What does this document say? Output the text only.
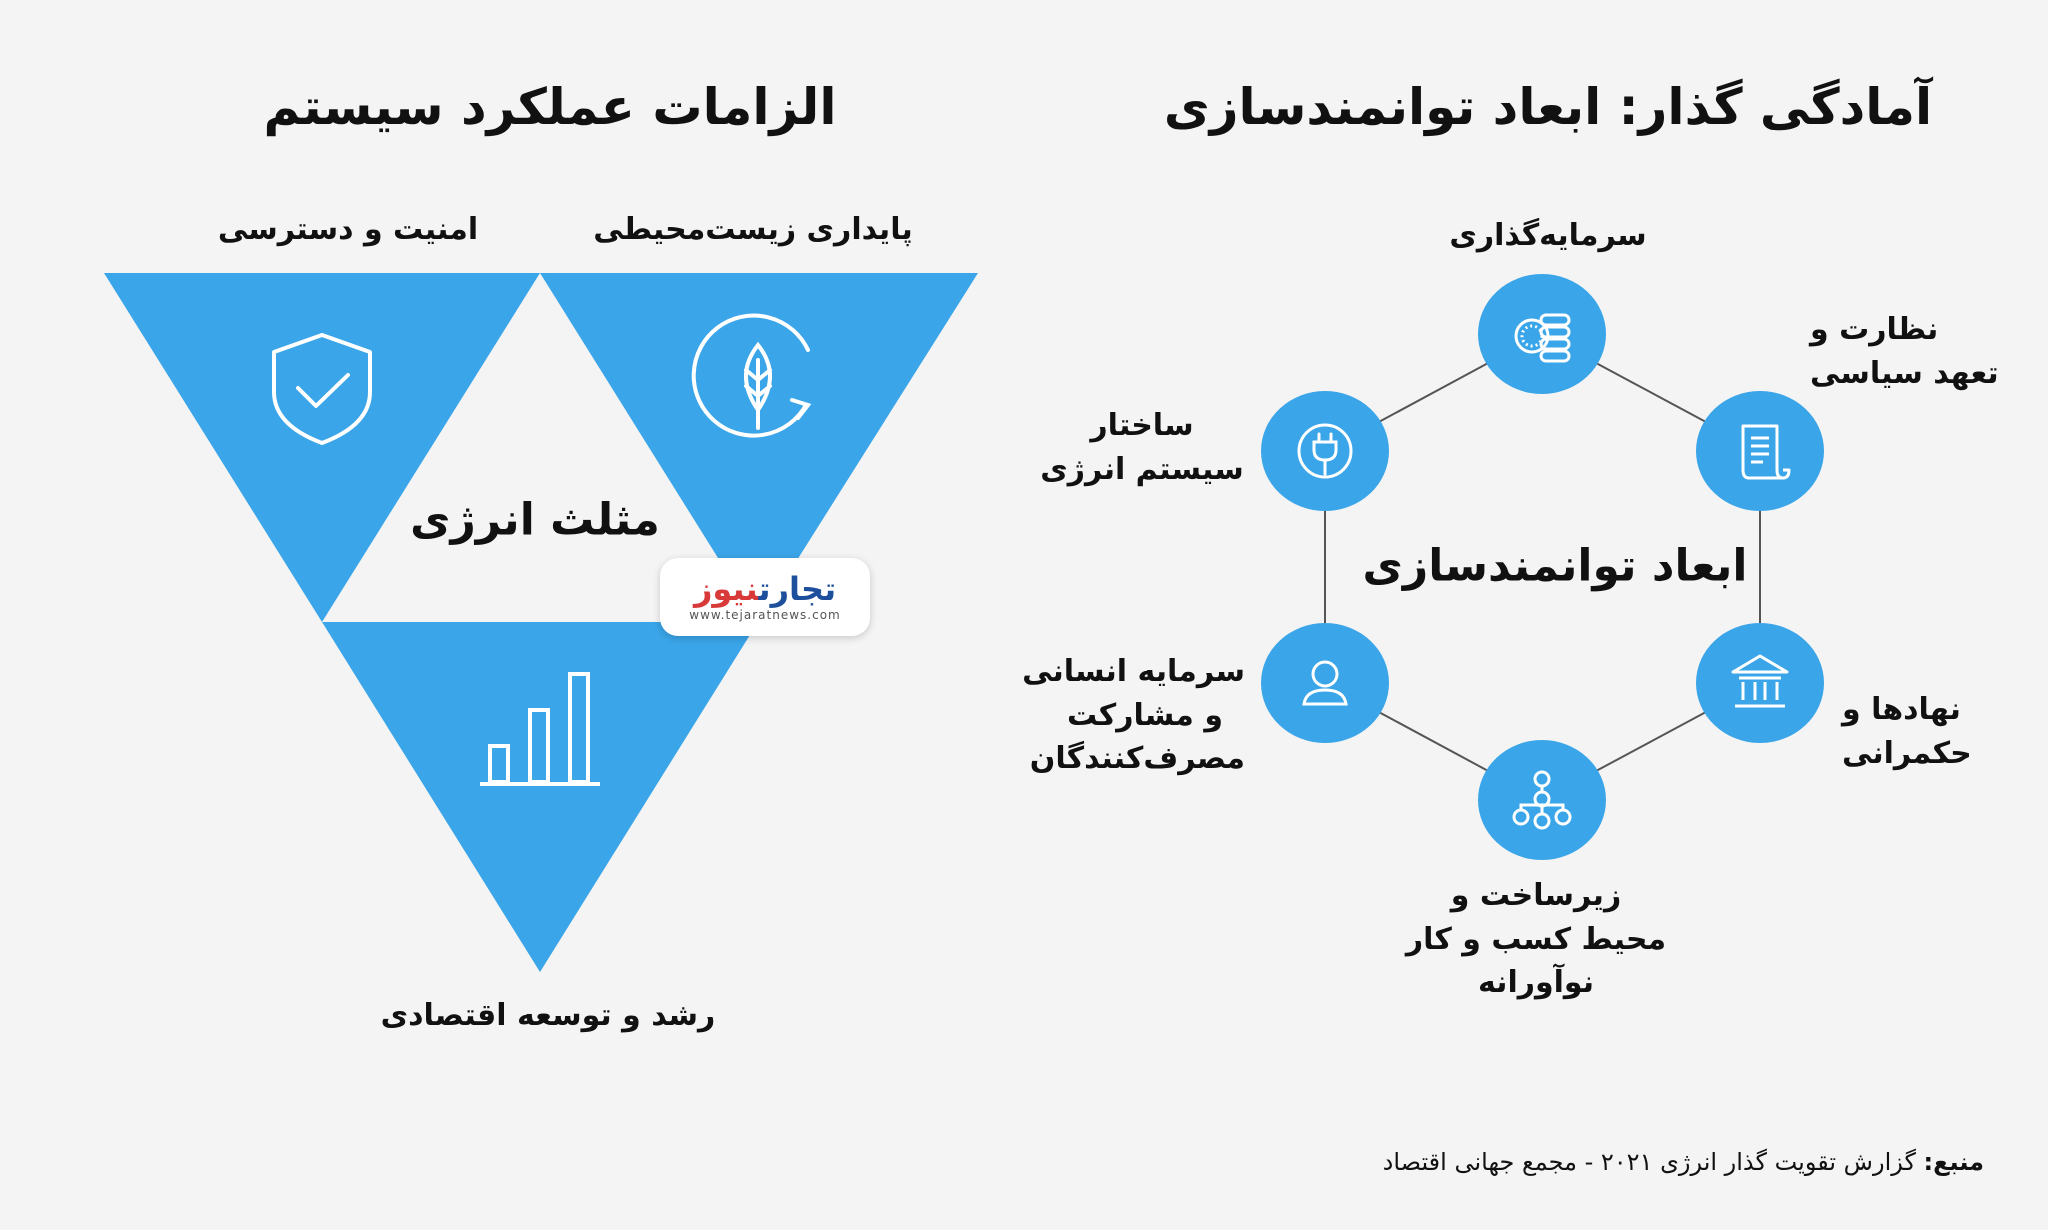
الزامات عملکرد سیستم
امنیت و دسترسی	پایداری زیست‌محیطی
رشد و توسعه اقتصادی
مثلث انرژی
تجارتنیوز
www.tejaratnews.com
آمادگی گذار: ابعاد توانمندسازی
ابعاد توانمندسازی
سرمایه‌گذاری
نظارت و
تعهد سیاسی
نهادها و
حکمرانی
زیرساخت و
محیط کسب و کار
نوآورانه
سرمایه انسانی
و مشارکت
مصرف‌کنندگان
ساختار
سیستم انرژی
منبع: گزارش تقویت گذار انرژی ۲۰۲۱ - مجمع جهانی اقتصاد
